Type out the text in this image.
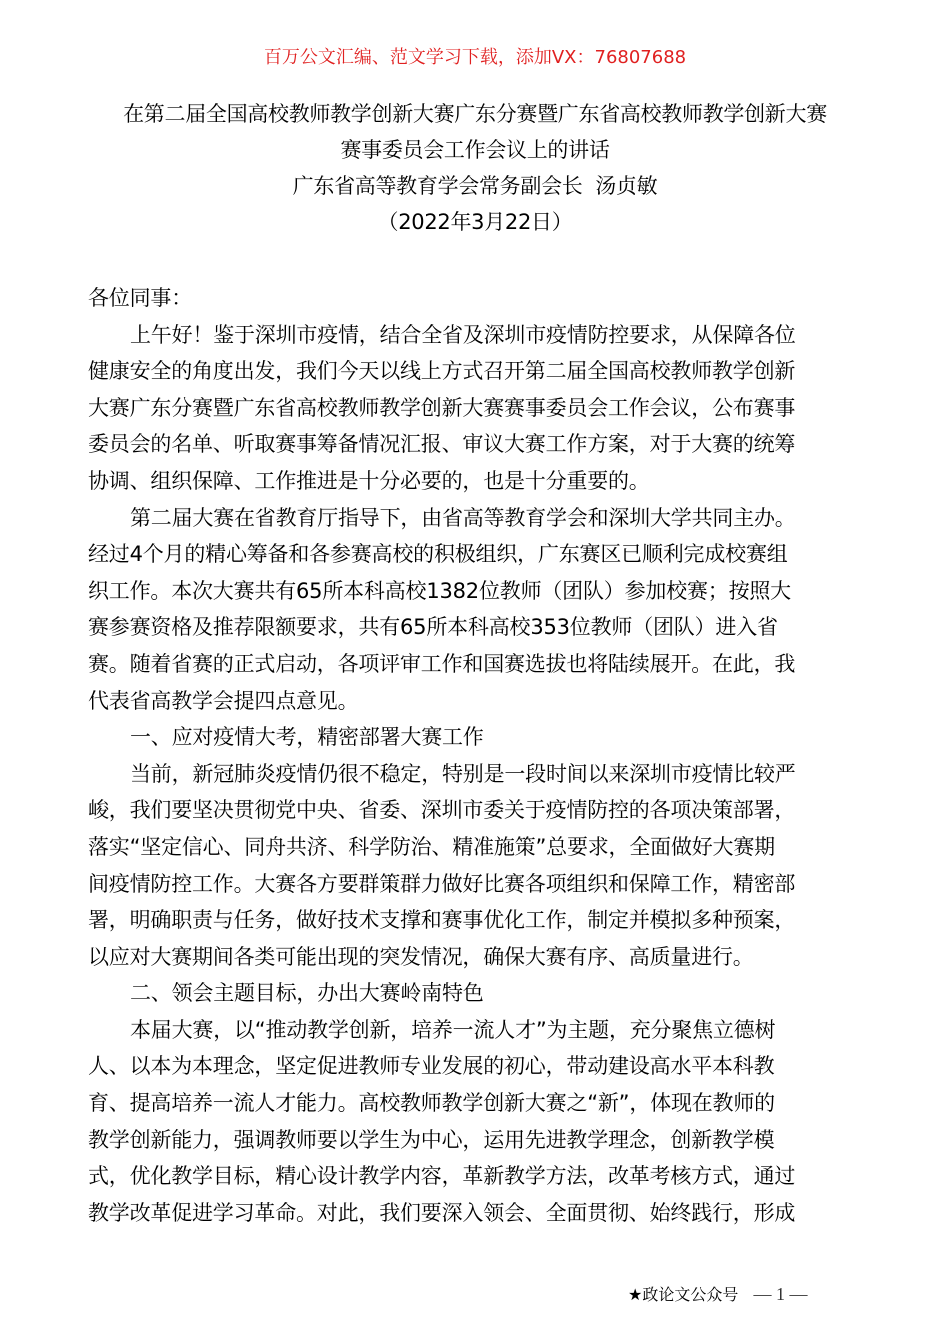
百万公文汇编、范文学习下载，添加VX：76807688
在第二届全国高校教师教学创新大赛广东分赛暨广东省高校教师教学创新大赛
赛事委员会工作会议上的讲话
广东省高等教育学会常务副会长  汤贞敏
（2022年3月22日）
各位同事：
上午好！鉴于深圳市疫情，结合全省及深圳市疫情防控要求，从保障各位
健康安全的角度出发，我们今天以线上方式召开第二届全国高校教师教学创新
大赛广东分赛暨广东省高校教师教学创新大赛赛事委员会工作会议，公布赛事
委员会的名单、听取赛事筹备情况汇报、审议大赛工作方案，对于大赛的统筹
协调、组织保障、工作推进是十分必要的，也是十分重要的。
第二届大赛在省教育厅指导下，由省高等教育学会和深圳大学共同主办。
经过4个月的精心筹备和各参赛高校的积极组织，广东赛区已顺利完成校赛组
织工作。本次大赛共有65所本科高校1382位教师（团队）参加校赛；按照大
赛参赛资格及推荐限额要求，共有65所本科高校353位教师（团队）进入省
赛。随着省赛的正式启动，各项评审工作和国赛选拔也将陆续展开。在此，我
代表省高教学会提四点意见。
一、应对疫情大考，精密部署大赛工作
当前，新冠肺炎疫情仍很不稳定，特别是一段时间以来深圳市疫情比较严
峻，我们要坚决贯彻党中央、省委、深圳市委关于疫情防控的各项决策部署，
落实“坚定信心、同舟共济、科学防治、精准施策”总要求，全面做好大赛期
间疫情防控工作。大赛各方要群策群力做好比赛各项组织和保障工作，精密部
署，明确职责与任务，做好技术支撑和赛事优化工作，制定并模拟多种预案，
以应对大赛期间各类可能出现的突发情况，确保大赛有序、高质量进行。
二、领会主题目标，办出大赛岭南特色
本届大赛，以“推动教学创新，培养一流人才”为主题，充分聚焦立德树
人、以本为本理念，坚定促进教师专业发展的初心，带动建设高水平本科教
育、提高培养一流人才能力。高校教师教学创新大赛之“新”，体现在教师的
教学创新能力，强调教师要以学生为中心，运用先进教学理念，创新教学模
式，优化教学目标，精心设计教学内容，革新教学方法，改革考核方式，通过
教学改革促进学习革命。对此，我们要深入领会、全面贯彻、始终践行，形成
★政论文公众号 — 1 —
